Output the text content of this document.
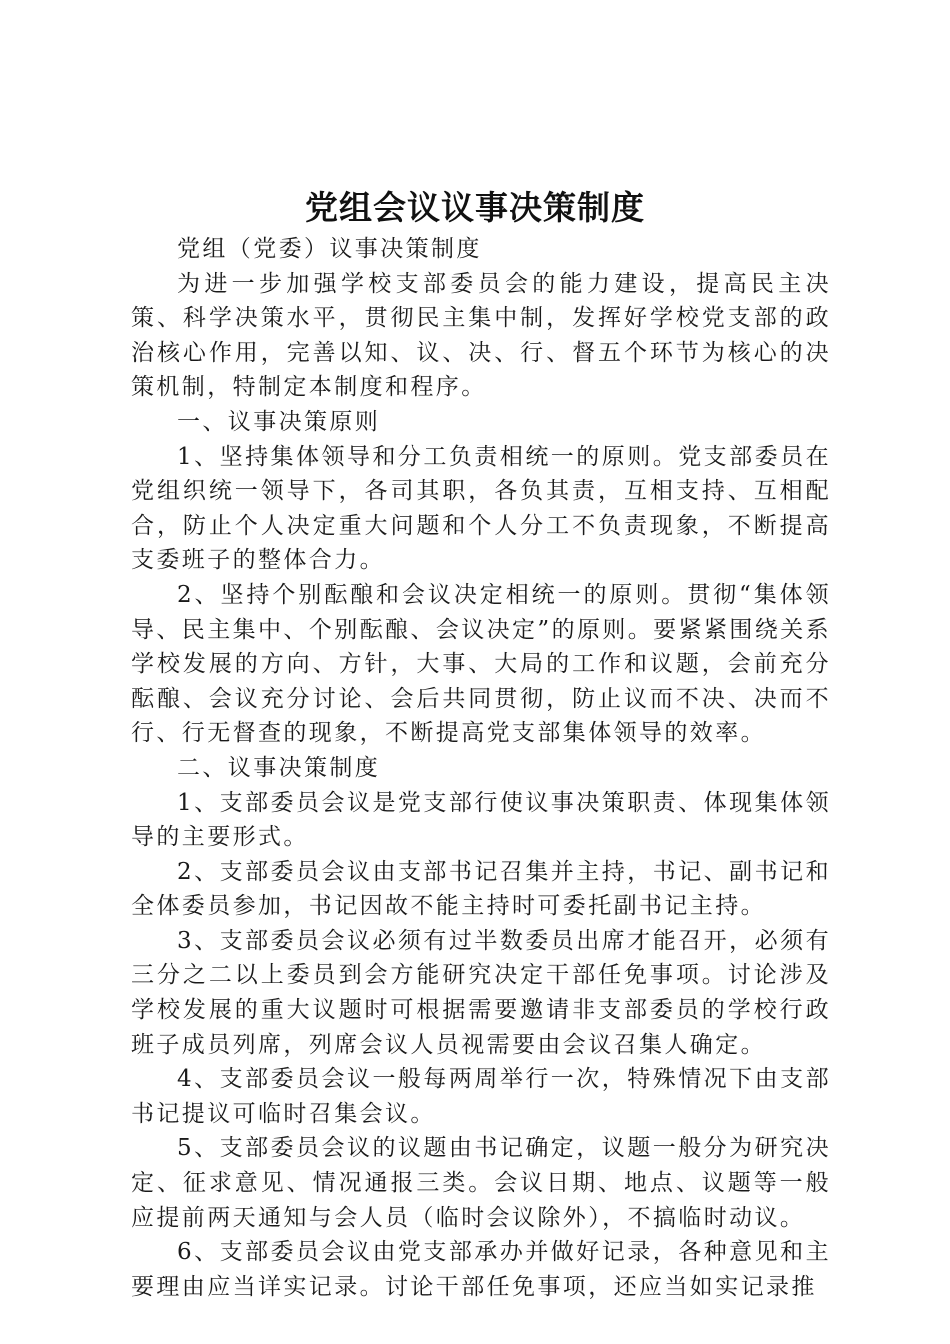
党组会议议事决策制度

党组（党委）议事决策制度

为进一步加强学校支部委员会的能力建设，提高民主决策、科学决策水平，贯彻民主集中制，发挥好学校党支部的政治核心作用，完善以知、议、决、行、督五个环节为核心的决策机制，特制定本制度和程序。

一、议事决策原则

1、坚持集体领导和分工负责相统一的原则。党支部委员在党组织统一领导下，各司其职，各负其责，互相支持、互相配合，防止个人决定重大问题和个人分工不负责现象，不断提高支委班子的整体合力。

2、坚持个别酝酿和会议决定相统一的原则。贯彻“集体领导、民主集中、个别酝酿、会议决定”的原则。要紧紧围绕关系学校发展的方向、方针，大事、大局的工作和议题，会前充分酝酿、会议充分讨论、会后共同贯彻，防止议而不决、决而不行、行无督查的现象，不断提高党支部集体领导的效率。

二、议事决策制度

1、支部委员会议是党支部行使议事决策职责、体现集体领导的主要形式。

2、支部委员会议由支部书记召集并主持，书记、副书记和全体委员参加，书记因故不能主持时可委托副书记主持。

3、支部委员会议必须有过半数委员出席才能召开，必须有三分之二以上委员到会方能研究决定干部任免事项。讨论涉及学校发展的重大议题时可根据需要邀请非支部委员的学校行政班子成员列席，列席会议人员视需要由会议召集人确定。

4、支部委员会议一般每两周举行一次，特殊情况下由支部书记提议可临时召集会议。

5、支部委员会议的议题由书记确定，议题一般分为研究决定、征求意见、情况通报三类。会议日期、地点、议题等一般应提前两天通知与会人员（临时会议除外），不搞临时动议。

6、支部委员会议由党支部承办并做好记录，各种意见和主要理由应当详实记录。讨论干部任免事项，还应当如实记录推
